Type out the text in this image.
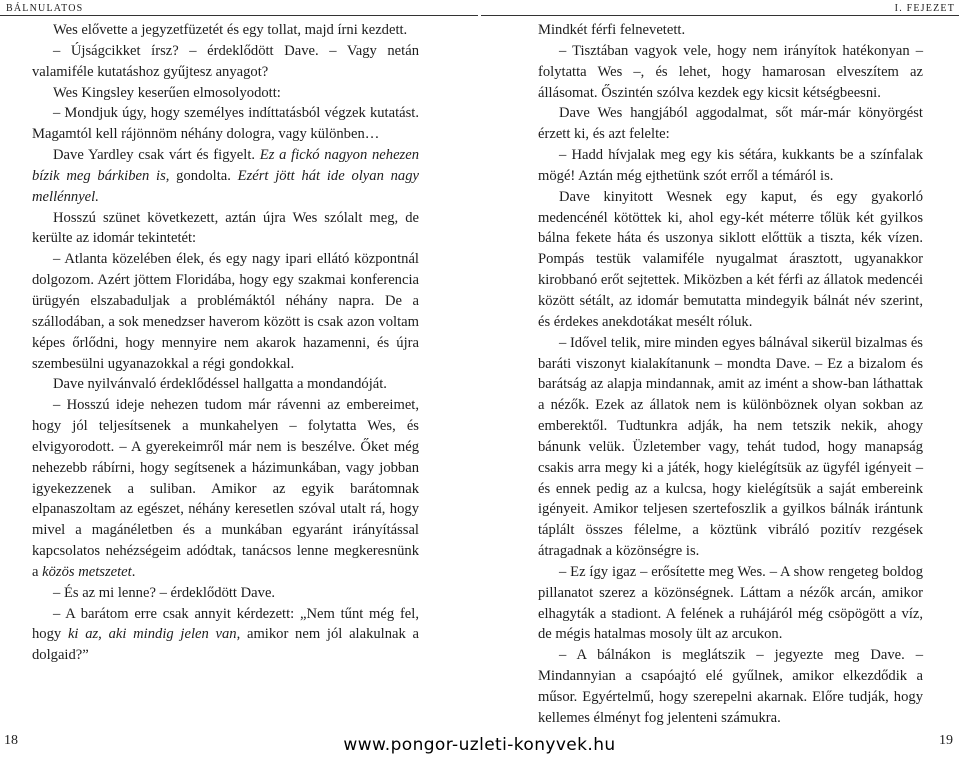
BÁLNULATOS	I. FEJEZET

Wes elővette a jegyzetfüzetét és egy tollat, majd írni kezdett.

– Újságcikket írsz? – érdeklődött Dave. – Vagy netán valamiféle kutatáshoz gyűjtesz anyagot?

Wes Kingsley keserűen elmosolyodott:

– Mondjuk úgy, hogy személyes indíttatásból végzek kutatást. Magamtól kell rájönnöm néhány dologra, vagy különben…

Dave Yardley csak várt és figyelt. Ez a fickó nagyon nehezen bízik meg bárkiben is, gondolta. Ezért jött hát ide olyan nagy mellénnyel.

Hosszú szünet következett, aztán újra Wes szólalt meg, de kerülte az idomár tekintetét:

– Atlanta közelében élek, és egy nagy ipari ellátó központnál dolgozom. Azért jöttem Floridába, hogy egy szakmai konferencia ürügyén elszabaduljak a problémáktól néhány napra. De a szállodában, a sok menedzser haverom között is csak azon voltam képes őrlődni, hogy mennyire nem akarok hazamenni, és újra szembesülni ugyanazokkal a régi gondokkal.

Dave nyilvánvaló érdeklődéssel hallgatta a mondandóját.

– Hosszú ideje nehezen tudom már rávenni az embereimet, hogy jól teljesítsenek a munkahelyen – folytatta Wes, és elvigyorodott. – A gyerekeimről már nem is beszélve. Őket még nehezebb rábírni, hogy segítsenek a házimunkában, vagy jobban igyekezzenek a suliban. Amikor az egyik barátomnak elpanaszoltam az egészet, néhány keresetlen szóval utalt rá, hogy mivel a magánéletben és a munkában egyaránt irányítással kapcsolatos nehézségeim adódtak, tanácsos lenne megkeresnünk a közös metszetet.

– És az mi lenne? – érdeklődött Dave.

– A barátom erre csak annyit kérdezett: „Nem tűnt még fel, hogy ki az, aki mindig jelen van, amikor nem jól alakulnak a dolgaid?”

Mindkét férfi felnevetett.

– Tisztában vagyok vele, hogy nem irányítok hatékonyan – folytatta Wes –, és lehet, hogy hamarosan elveszítem az állásomat. Őszintén szólva kezdek egy kicsit kétségbeesni.

Dave Wes hangjából aggodalmat, sőt már-már könyörgést érzett ki, és azt felelte:

– Hadd hívjalak meg egy kis sétára, kukkants be a színfalak mögé! Aztán még ejthetünk szót erről a témáról is.

Dave kinyitott Wesnek egy kaput, és egy gyakorló medencénél kötöttek ki, ahol egy-két méterre tőlük két gyilkos bálna fekete háta és uszonya siklott előttük a tiszta, kék vízen. Pompás testük valamiféle nyugalmat árasztott, ugyanakkor kirobbanó erőt sejtettek. Miközben a két férfi az állatok medencéi között sétált, az idomár bemutatta mindegyik bálnát név szerint, és érdekes anekdotákat mesélt róluk.

– Idővel telik, mire minden egyes bálnával sikerül bizalmas és baráti viszonyt kialakítanunk – mondta Dave. – Ez a bizalom és barátság az alapja mindannak, amit az imént a show-ban láthattak a nézők. Ezek az állatok nem is különböznek olyan sokban az emberektől. Tudtunkra adják, ha nem tetszik nekik, ahogy bánunk velük. Üzletember vagy, tehát tudod, hogy manapság csakis arra megy ki a játék, hogy kielégítsük az ügyfél igényeit – és ennek pedig az a kulcsa, hogy kielégítsük a saját embereink igényeit. Amikor teljesen szertefoszlik a gyilkos bálnák irántunk táplált összes félelme, a köztünk vibráló pozitív rezgések átragadnak a közönségre is.

– Ez így igaz – erősítette meg Wes. – A show rengeteg boldog pillanatot szerez a közönségnek. Láttam a nézők arcán, amikor elhagyták a stadiont. A felének a ruhájáról még csöpögött a víz, de mégis hatalmas mosoly ült az arcukon.

– A bálnákon is meglátszik – jegyezte meg Dave. – Mindannyian a csapóajtó elé gyűlnek, amikor elkezdődik a műsor. Egyértelmű, hogy szerepelni akarnak. Előre tudják, hogy kellemes élményt fog jelenteni számukra.

18	19
www.pongor-uzleti-konyvek.hu
